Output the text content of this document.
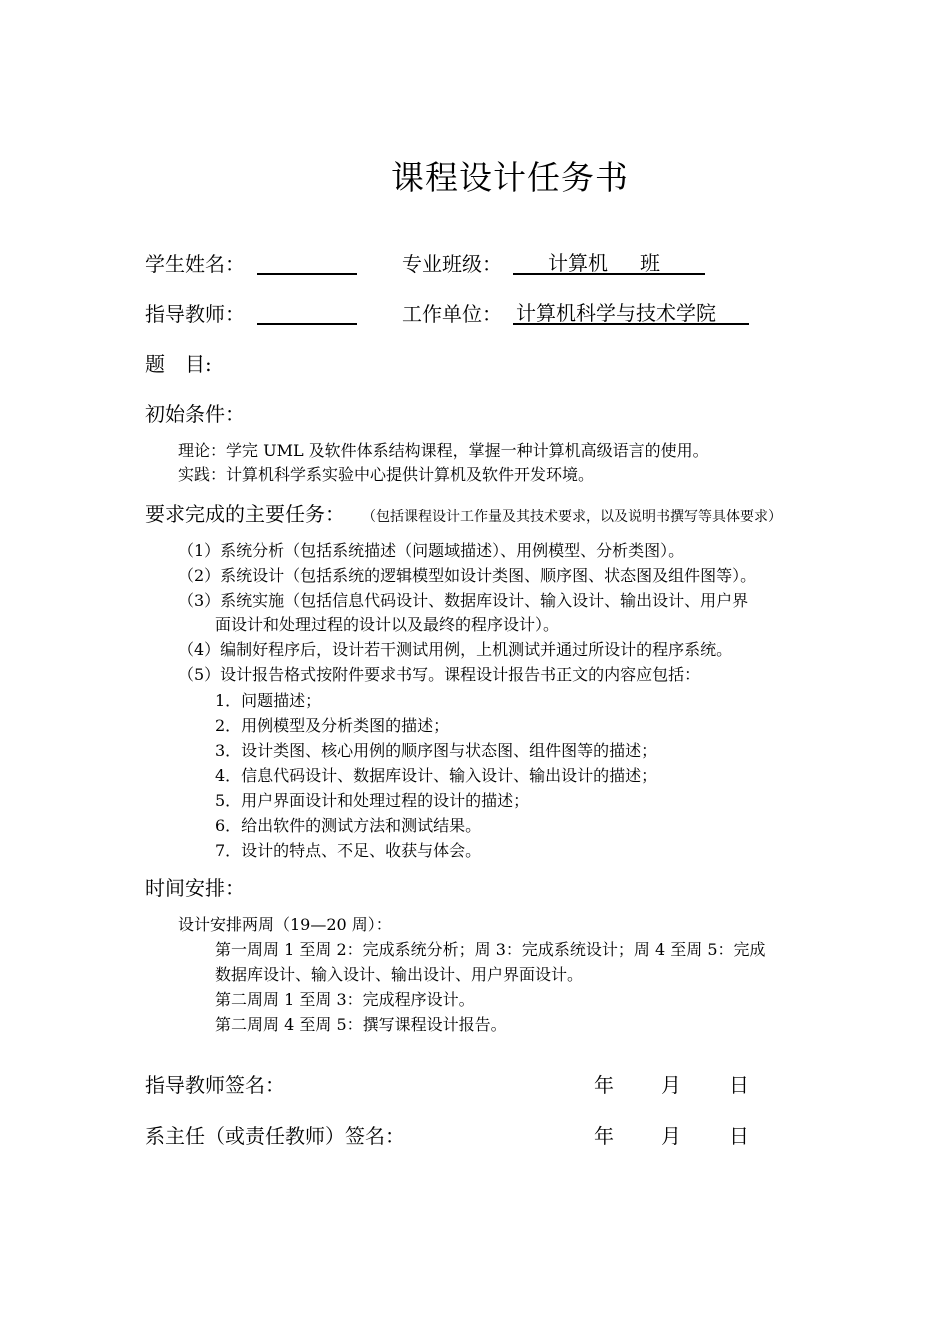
课程设计任务书
学生姓名：	专业班级： 计算机 班
指导教师：	工作单位： 计算机科学与技术学院
题　目:
初始条件：
理论：学完 UML 及软件体系结构课程，掌握一种计算机高级语言的使用。
实践：计算机科学系实验中心提供计算机及软件开发环境。
要求完成的主要任务： （包括课程设计工作量及其技术要求，以及说明书撰写等具体要求）
（1）系统分析（包括系统描述（问题域描述）、用例模型、分析类图）。
（2）系统设计（包括系统的逻辑模型如设计类图、顺序图、状态图及组件图等）。
（3）系统实施（包括信息代码设计、数据库设计、输入设计、输出设计、用户界
面设计和处理过程的设计以及最终的程序设计）。
（4）编制好程序后，设计若干测试用例，上机测试并通过所设计的程序系统。
（5）设计报告格式按附件要求书写。课程设计报告书正文的内容应包括：
1．问题描述；
2．用例模型及分析类图的描述；
3．设计类图、核心用例的顺序图与状态图、组件图等的描述；
4．信息代码设计、数据库设计、输入设计、输出设计的描述；
5．用户界面设计和处理过程的设计的描述；
6．给出软件的测试方法和测试结果。
7．设计的特点、不足、收获与体会。
时间安排：
设计安排两周（19—20 周）：
第一周周 1 至周 2：完成系统分析；周 3：完成系统设计；周 4 至周 5：完成
数据库设计、输入设计、输出设计、用户界面设计。
第二周周 1 至周 3：完成程序设计。
第二周周 4 至周 5：撰写课程设计报告。
指导教师签名：	年 月 日
系主任（或责任教师）签名：	年 月 日
